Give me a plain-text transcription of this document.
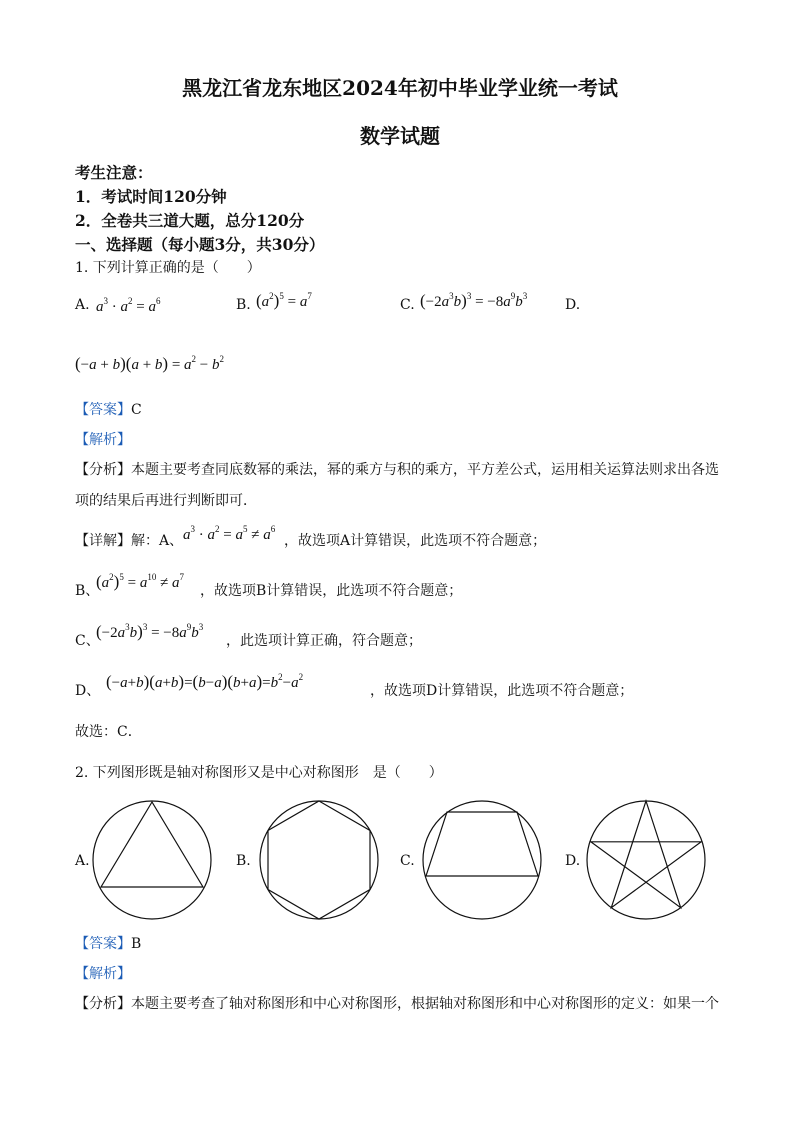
黑龙江省龙东地区2024年初中毕业学业统一考试
数学试题
考生注意：
1．考试时间120分钟
2．全卷共三道大题，总分120分
一、选择题（每小题3分，共30分）
1. 下列计算正确的是（　　）
A. $a^3 \cdot a^2 = a^6$	B. $(a^2)^5 = a^7$
C. $(-2a^3b)^3 = -8a^9b^3$
D.
$(-a + b)(a + b) = a^2 - b^2$
【答案】C
【解析】
【分析】本题主要考查同底数幂的乘法，幂的乘方与积的乘方，平方差公式，运用相关运算法则求出各选
项的结果后再进行判断即可．
【详解】解：A、 $a^3 \cdot a^2 = a^5 \ne a^6$
，故选项A计算错误，此选项不符合题意；
B、
$(a^2)^5 = a^{10} \ne a^7$
，故选项B计算错误，此选项不符合题意；
C、
$(-2a^3b)^3 = -8a^9b^3$
，此选项计算正确，符合题意；
D、 $(-a+b)(a+b)=(b-a)(b+a)=b^2-a^2$
，故选项D计算错误，此选项不符合题意；
故选：C．
2. 下列图形既是轴对称图形又是中心对称图形　是（　　）
A.	B.	C.	D.
【答案】B
【解析】
【分析】本题主要考查了轴对称图形和中心对称图形，根据轴对称图形和中心对称图形的定义：如果一个
